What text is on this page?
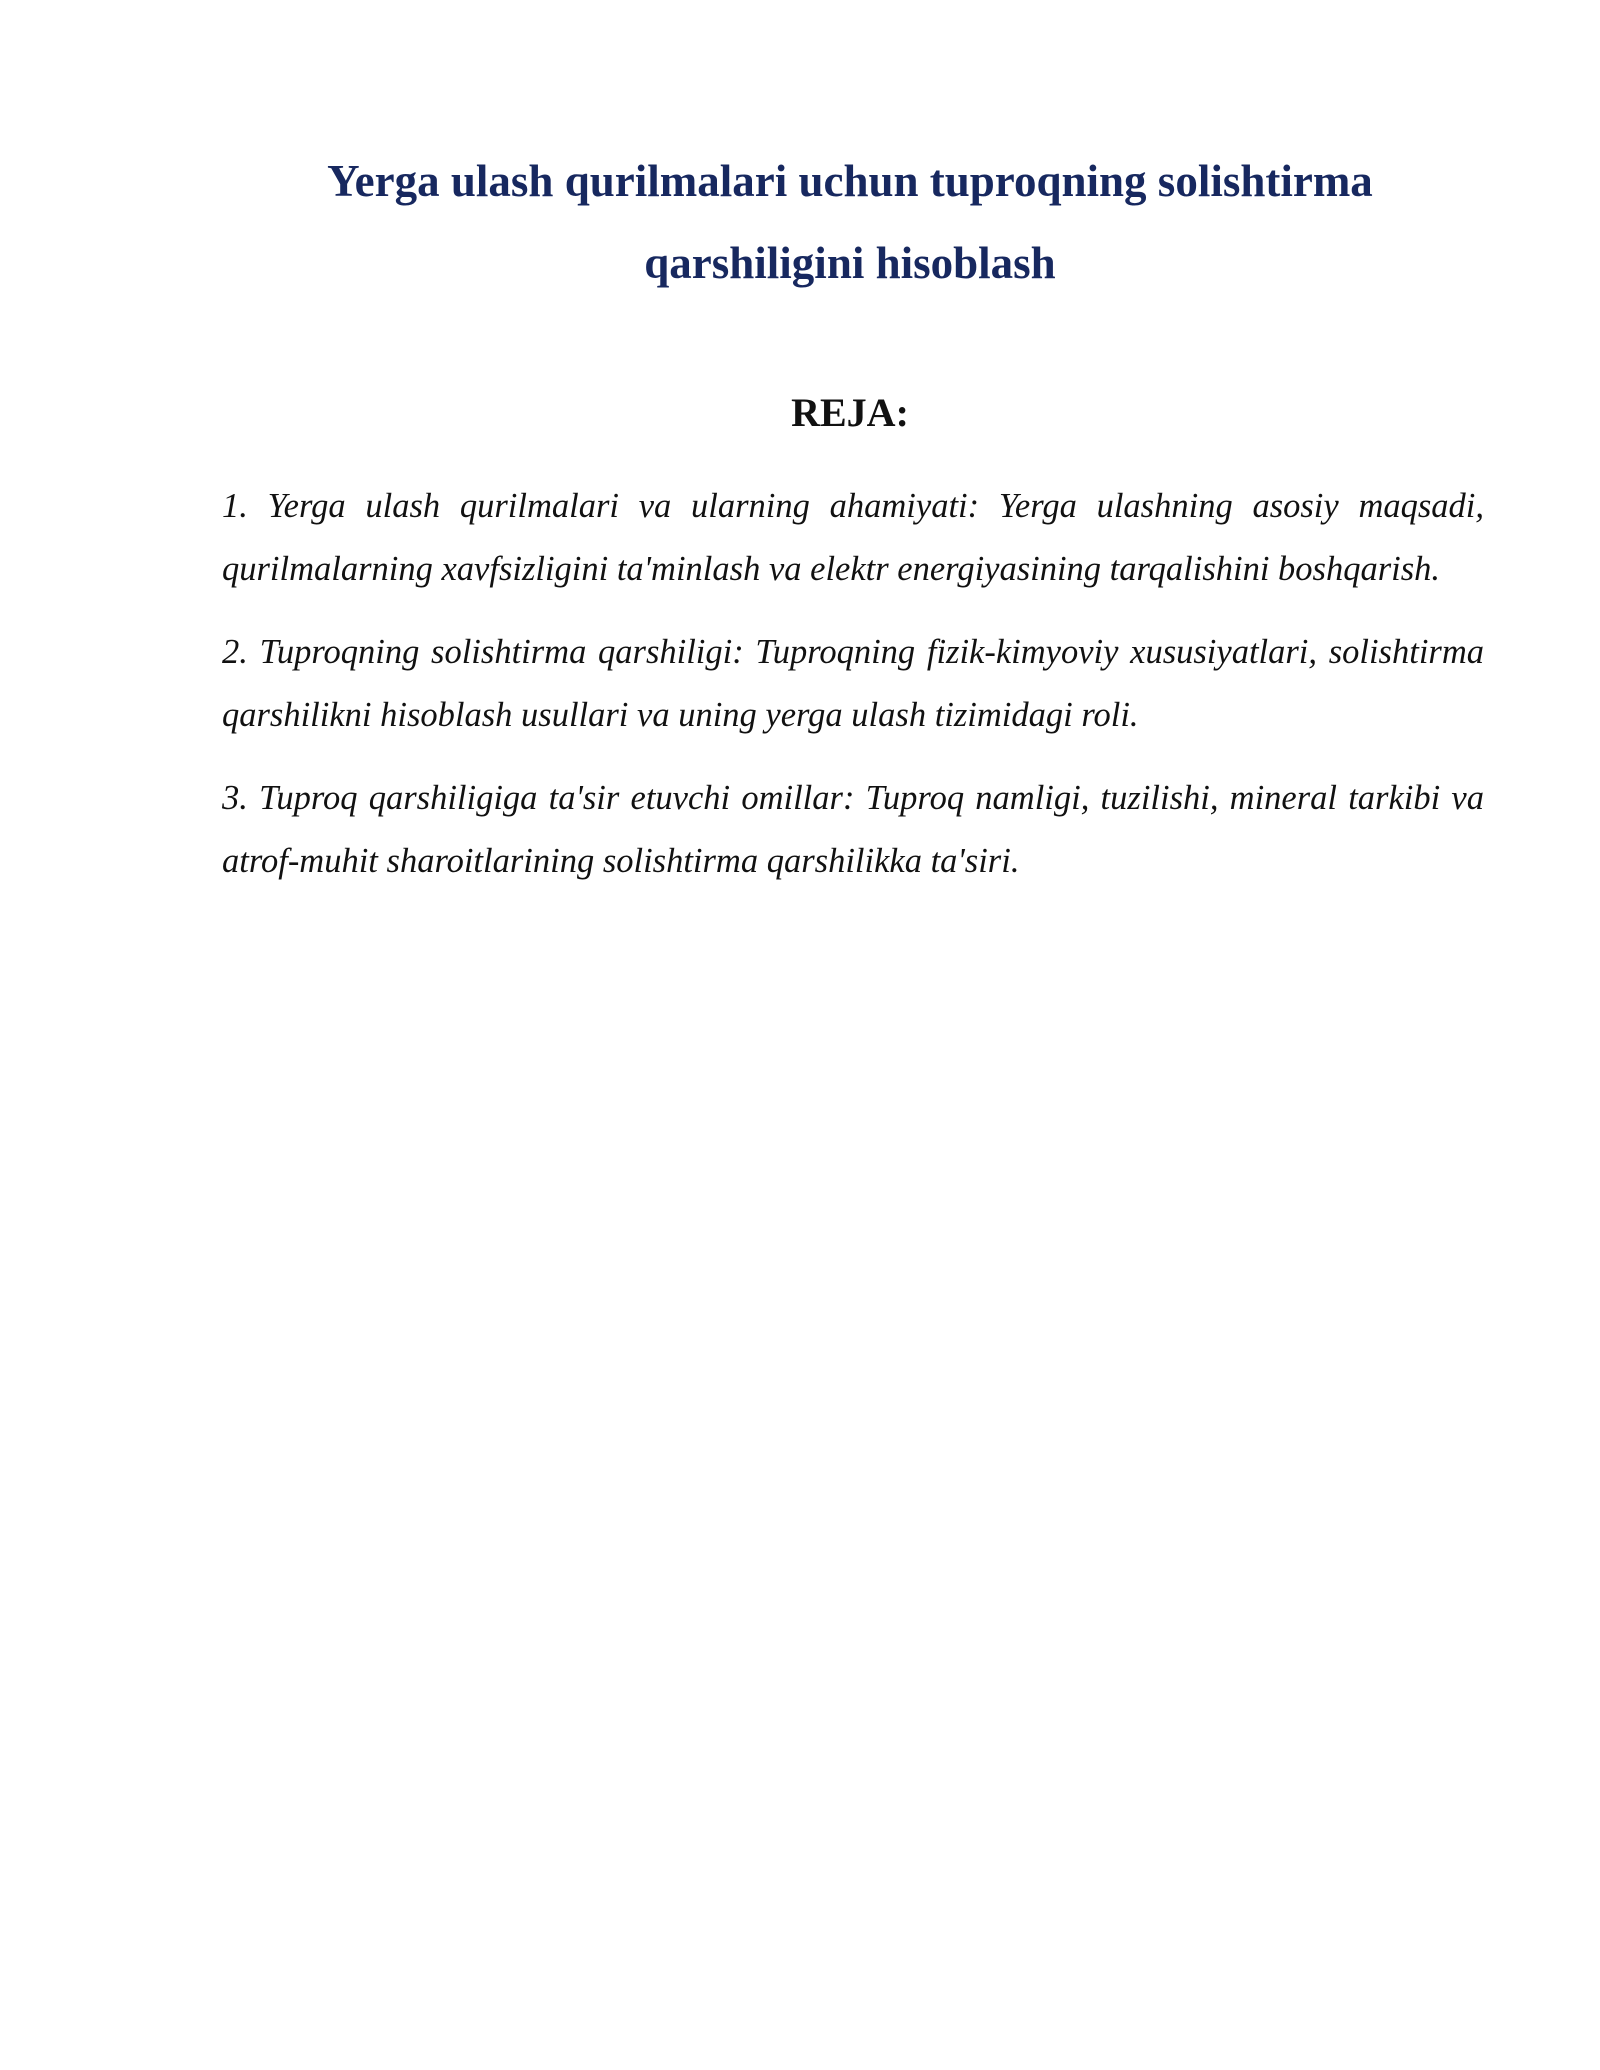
Yerga ulash qurilmalari uchun tuproqning solishtirma qarshiligini hisoblash
REJA:
1. Yerga ulash qurilmalari va ularning ahamiyati: Yerga ulashning asosiy maqsadi, qurilmalarning xavfsizligini ta'minlash va elektr energiyasining tarqalishini boshqarish.
2. Tuproqning solishtirma qarshiligi: Tuproqning fizik-kimyoviy xususiyatlari, solishtirma qarshilikni hisoblash usullari va uning yerga ulash tizimidagi roli.
3. Tuproq qarshiligiga ta'sir etuvchi omillar: Tuproq namligi, tuzilishi, mineral tarkibi va atrof-muhit sharoitlarining solishtirma qarshilikka ta'siri.
